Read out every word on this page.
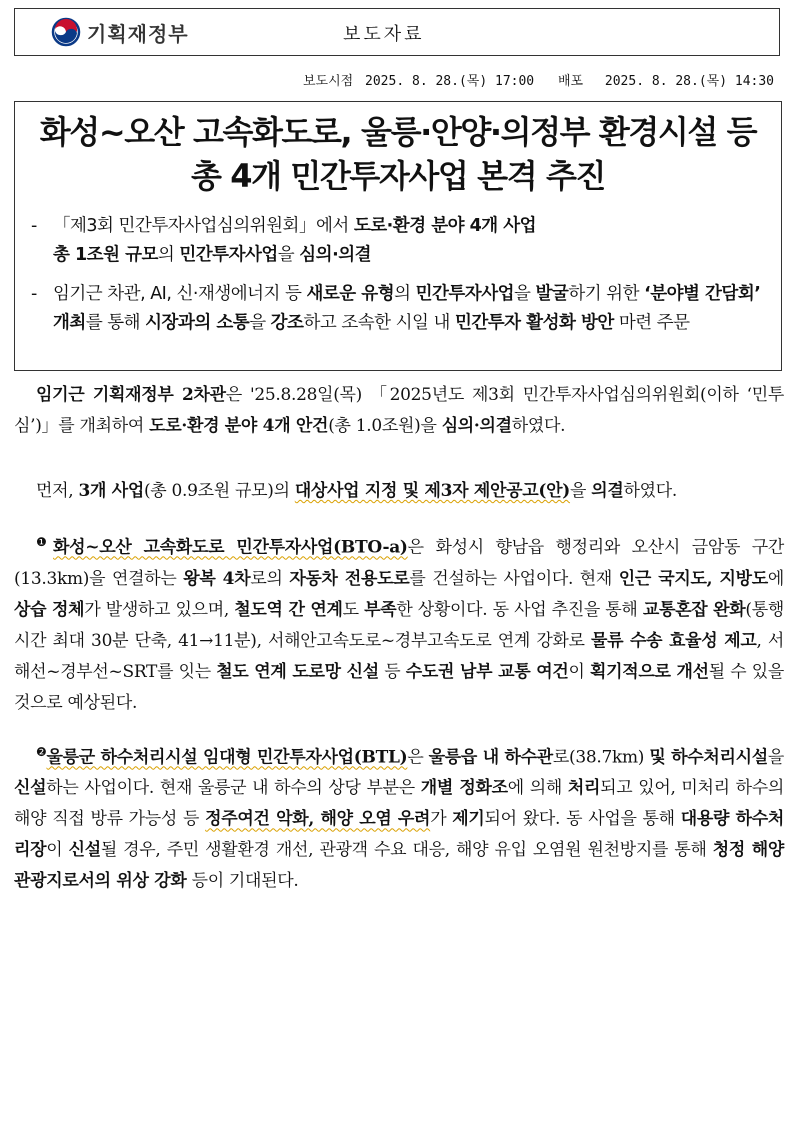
기획재정부	보도자료
보도시점 2025. 8. 28.(목) 17:00 배포 2025. 8. 28.(목) 14:30
화성~오산 고속화도로, 울릉·안양·의정부 환경시설 등
총 4개 민간투자사업 본격 추진
- 「제3회 민간투자사업심의위원회」에서 도로·환경 분야 4개 사업
총 1조원 규모의 민간투자사업을 심의·의결
- 임기근 차관, AI, 신·재생에너지 등 새로운 유형의 민간투자사업을 발굴하기 위한 ‘분야별 간담회’ 개최를 통해 시장과의 소통을 강조하고 조속한 시일 내 민간투자 활성화 방안 마련 주문

임기근 기획재정부 2차관은 '25.8.28일(목) 「2025년도 제3회 민간투자사업심의위원회(이하 ‘민투심’)」를 개최하여 도로·환경 분야 4개 안건(총 1.0조원)을 심의·의결하였다.

먼저, 3개 사업(총 0.9조원 규모)의 대상사업 지정 및 제3자 제안공고(안)을 의결하였다.

$^❶$화성~오산 고속화도로 민간투자사업(BTO-a)은 화성시 향남읍 행정리와 오산시 금암동 구간(13.3km)을 연결하는 왕복 4차로의 자동차 전용도로를 건설하는 사업이다. 현재 인근 국지도, 지방도에 상습 정체가 발생하고 있으며, 철도역 간 연계도 부족한 상황이다. 동 사업 추진을 통해 교통혼잡 완화(통행시간 최대 30분 단축, 41→11분), 서해안고속도로~경부고속도로 연계 강화로 물류 수송 효율성 제고, 서해선~경부선~SRT를 잇는 철도 연계 도로망 신설 등 수도권 남부 교통 여건이 획기적으로 개선될 수 있을 것으로 예상된다.

$^❷$울릉군 하수처리시설 임대형 민간투자사업(BTL)은 울릉읍 내 하수관로(38.7km) 및 하수처리시설을 신설하는 사업이다. 현재 울릉군 내 하수의 상당 부분은 개별 정화조에 의해 처리되고 있어, 미처리 하수의 해양 직접 방류 가능성 등 정주여건 악화, 해양 오염 우려가 제기되어 왔다. 동 사업을 통해 대용량 하수처리장이 신설될 경우, 주민 생활환경 개선, 관광객 수요 대응, 해양 유입 오염원 원천방지를 통해 청정 해양 관광지로서의 위상 강화 등이 기대된다.
